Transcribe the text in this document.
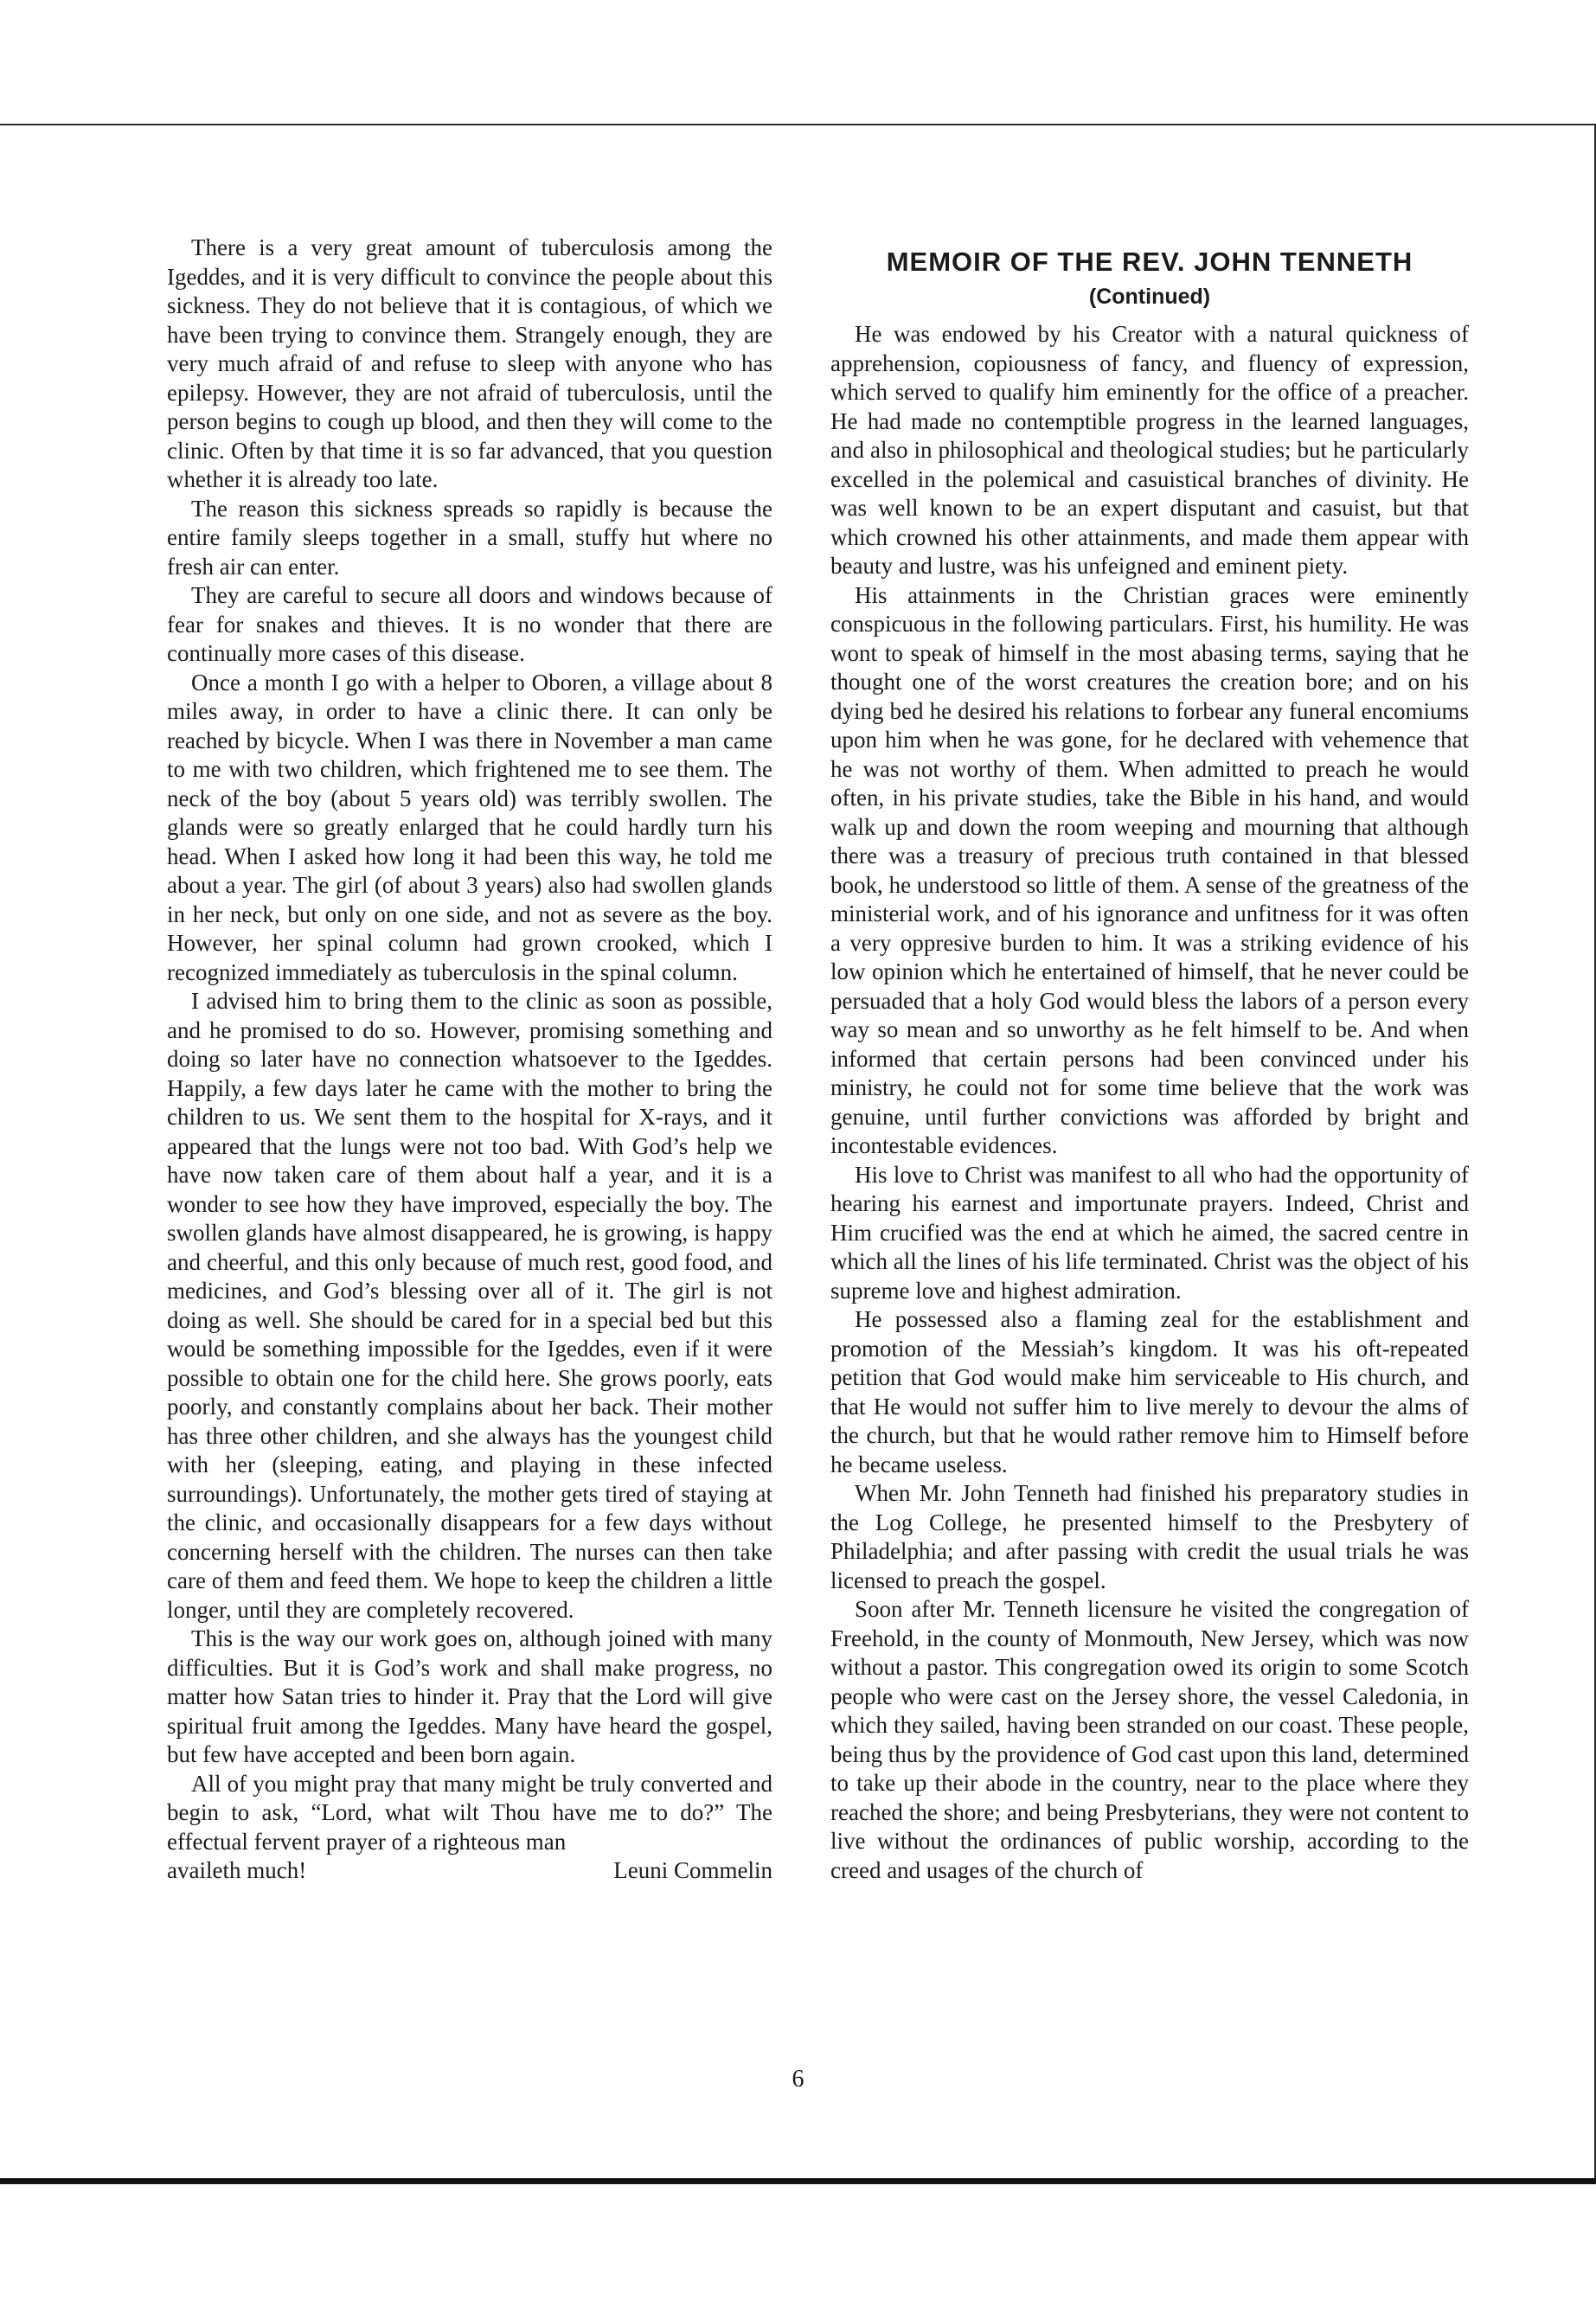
There is a very great amount of tuberculosis among the Igeddes, and it is very difficult to convince the people about this sickness. They do not believe that it is contagious, of which we have been trying to convince them. Strangely enough, they are very much afraid of and refuse to sleep with anyone who has epilepsy. However, they are not afraid of tuberculosis, until the person begins to cough up blood, and then they will come to the clinic. Often by that time it is so far advanced, that you question whether it is already too late.

The reason this sickness spreads so rapidly is because the entire family sleeps together in a small, stuffy hut where no fresh air can enter.

They are careful to secure all doors and windows because of fear for snakes and thieves. It is no wonder that there are continually more cases of this disease.

Once a month I go with a helper to Oboren, a village about 8 miles away, in order to have a clinic there. It can only be reached by bicycle. When I was there in November a man came to me with two children, which frightened me to see them. The neck of the boy (about 5 years old) was terribly swollen. The glands were so greatly enlarged that he could hardly turn his head. When I asked how long it had been this way, he told me about a year. The girl (of about 3 years) also had swollen glands in her neck, but only on one side, and not as severe as the boy. However, her spinal column had grown crooked, which I recognized immediately as tuberculosis in the spinal column.

I advised him to bring them to the clinic as soon as possible, and he promised to do so. However, promising something and doing so later have no connection whatsoever to the Igeddes. Happily, a few days later he came with the mother to bring the children to us. We sent them to the hospital for X-rays, and it appeared that the lungs were not too bad. With God’s help we have now taken care of them about half a year, and it is a wonder to see how they have improved, especially the boy. The swollen glands have almost disappeared, he is growing, is happy and cheerful, and this only because of much rest, good food, and medicines, and God’s blessing over all of it. The girl is not doing as well. She should be cared for in a special bed but this would be something impossible for the Igeddes, even if it were possible to obtain one for the child here. She grows poorly, eats poorly, and constantly complains about her back. Their mother has three other children, and she always has the youngest child with her (sleeping, eating, and playing in these infected surroundings). Unfortunately, the mother gets tired of staying at the clinic, and occasionally disappears for a few days without concerning herself with the children. The nurses can then take care of them and feed them. We hope to keep the children a little longer, until they are completely recovered.

This is the way our work goes on, although joined with many difficulties. But it is God’s work and shall make progress, no matter how Satan tries to hinder it. Pray that the Lord will give spiritual fruit among the Igeddes. Many have heard the gospel, but few have accepted and been born again.

All of you might pray that many might be truly converted and begin to ask, “Lord, what wilt Thou have me to do?” The effectual fervent prayer of a righteous man

availeth much!	Leuni Commelin
MEMOIR OF THE REV. JOHN TENNETH
(Continued)

He was endowed by his Creator with a natural quickness of apprehension, copiousness of fancy, and fluency of expression, which served to qualify him eminently for the office of a preacher. He had made no contemptible progress in the learned languages, and also in philosophical and theological studies; but he particularly excelled in the polemical and casuistical branches of divinity. He was well known to be an expert disputant and casuist, but that which crowned his other attainments, and made them appear with beauty and lustre, was his unfeigned and eminent piety.

His attainments in the Christian graces were eminently conspicuous in the following particulars. First, his humility. He was wont to speak of himself in the most abasing terms, saying that he thought one of the worst creatures the creation bore; and on his dying bed he desired his relations to forbear any funeral encomiums upon him when he was gone, for he declared with vehemence that he was not worthy of them. When admitted to preach he would often, in his private studies, take the Bible in his hand, and would walk up and down the room weeping and mourning that although there was a treasury of precious truth contained in that blessed book, he understood so little of them. A sense of the greatness of the ministerial work, and of his ignorance and unfitness for it was often a very oppresive burden to him. It was a striking evidence of his low opinion which he entertained of himself, that he never could be persuaded that a holy God would bless the labors of a person every way so mean and so unworthy as he felt himself to be. And when informed that certain persons had been convinced under his ministry, he could not for some time believe that the work was genuine, until further convictions was afforded by bright and incontestable evidences.

His love to Christ was manifest to all who had the opportunity of hearing his earnest and importunate prayers. Indeed, Christ and Him crucified was the end at which he aimed, the sacred centre in which all the lines of his life terminated. Christ was the object of his supreme love and highest admiration.

He possessed also a flaming zeal for the establishment and promotion of the Messiah’s kingdom. It was his oft-repeated petition that God would make him serviceable to His church, and that He would not suffer him to live merely to devour the alms of the church, but that he would rather remove him to Himself before he became useless.

When Mr. John Tenneth had finished his preparatory studies in the Log College, he presented himself to the Presbytery of Philadelphia; and after passing with credit the usual trials he was licensed to preach the gospel.

Soon after Mr. Tenneth licensure he visited the congregation of Freehold, in the county of Monmouth, New Jersey, which was now without a pastor. This congregation owed its origin to some Scotch people who were cast on the Jersey shore, the vessel Caledonia, in which they sailed, having been stranded on our coast. These people, being thus by the providence of God cast upon this land, determined to take up their abode in the country, near to the place where they reached the shore; and being Presbyterians, they were not content to live without the ordinances of public worship, according to the creed and usages of the church of

6
